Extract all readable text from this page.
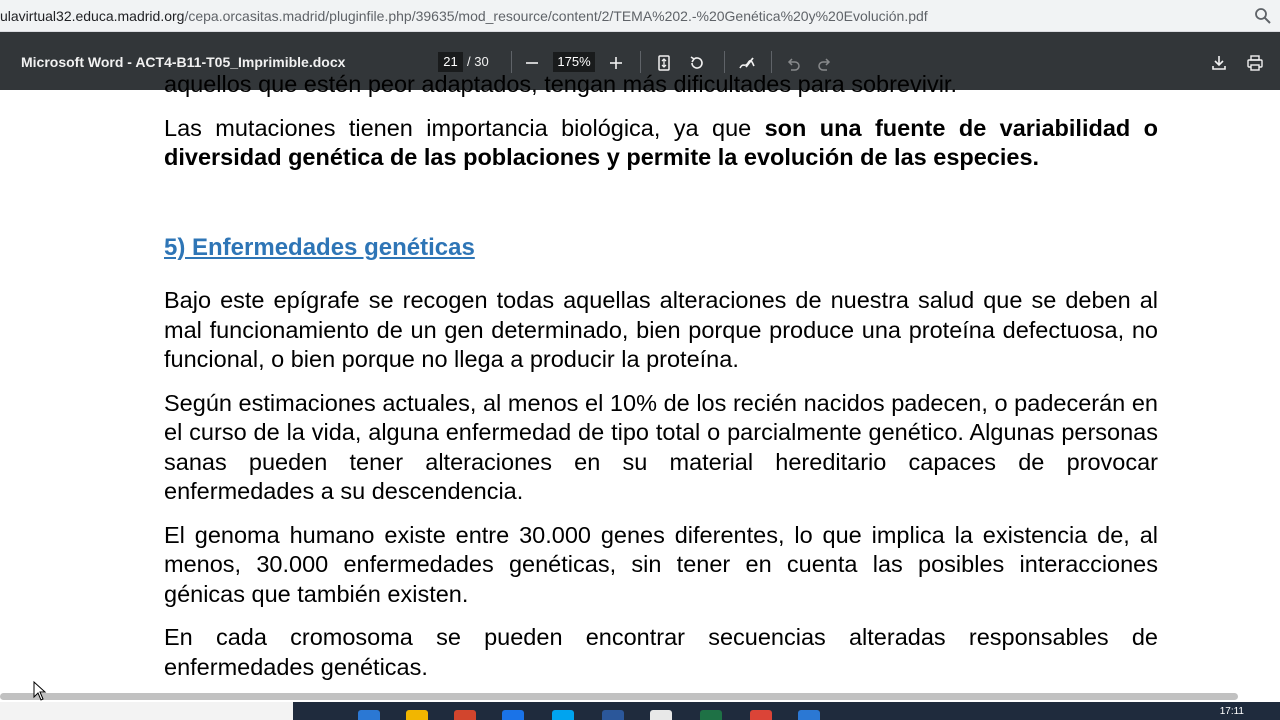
ulavirtual32.educa.madrid.org/cepa.orcasitas.madrid/pluginfile.php/39635/mod_resource/content/2/TEMA%202.-%20Genética%20y%20Evolución.pdf
Microsoft Word - ACT4-B11-T05_Imprimible.docx	21 / 30	175%
aquellos que estén peor adaptados, tengan más dificultades para sobrevivir.

Las mutaciones tienen importancia biológica, ya que son una fuente de variabilidad o diversidad genética de las poblaciones y permite la evolución de las especies.

5) Enfermedades genéticas

Bajo este epígrafe se recogen todas aquellas alteraciones de nuestra salud que se deben al mal funcionamiento de un gen determinado, bien porque produce una proteína defectuosa, no funcional, o bien porque no llega a producir la proteína.

Según estimaciones actuales, al menos el 10% de los recién nacidos padecen, o padecerán en el curso de la vida, alguna enfermedad de tipo total o parcialmente genético. Algunas personas sanas pueden tener alteraciones en su material hereditario capaces de provocar enfermedades a su descendencia.

El genoma humano existe entre 30.000 genes diferentes, lo que implica la existencia de, al menos, 30.000 enfermedades genéticas, sin tener en cuenta las posibles interacciones génicas que también existen.

En cada cromosoma se pueden encontrar secuencias alteradas responsables de enfermedades genéticas.

17:11
